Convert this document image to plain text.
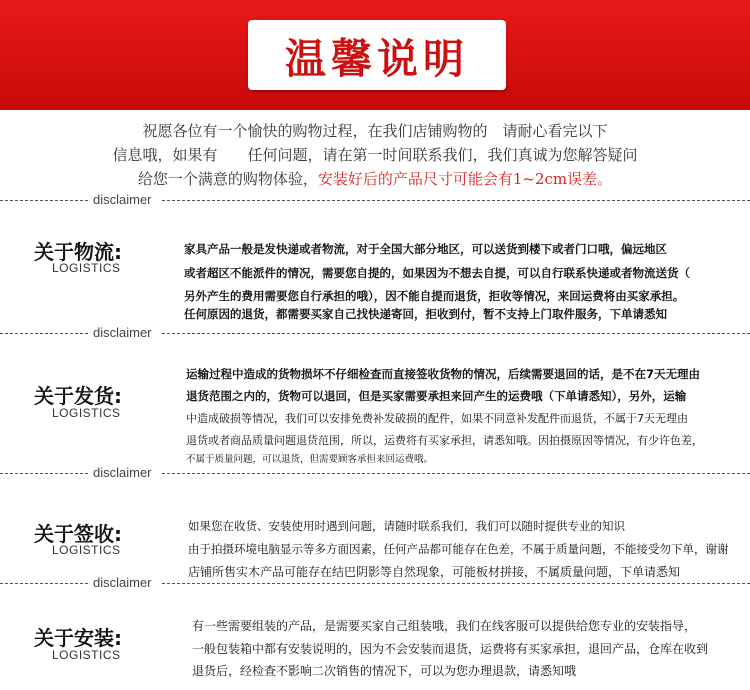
温馨说明
祝愿各位有一个愉快的购物过程，在我们店铺购物的　请耐心看完以下
信息哦，如果有　　任何问题，请在第一时间联系我们，我们真诚为您解答疑问
给您一个满意的购物体验，安装好后的产品尺寸可能会有1~2cm误差。
disclaimer
关于物流:
LOGISTICS
家具产品一般是发快递或者物流，对于全国大部分地区，可以送货到楼下或者门口哦，偏远地区
或者超区不能派件的情况，需要您自提的，如果因为不想去自提，可以自行联系快递或者物流送货（
另外产生的费用需要您自行承担的哦），因不能自提而退货，拒收等情况，来回运费将由买家承担。
任何原因的退货，都需要买家自己找快递寄回，拒收到付，暂不支持上门取件服务，下单请悉知
disclaimer
关于发货:
LOGISTICS
运输过程中造成的货物损坏不仔细检查而直接签收货物的情况，后续需要退回的话，是不在7天无理由
退货范围之内的，货物可以退回，但是买家需要承担来回产生的运费哦（下单请悉知），另外，运输
中造成破损等情况，我们可以安排免费补发破损的配件，如果不同意补发配件而退货，不属于7天无理由
退货或者商品质量问题退货范围，所以，运费将有买家承担，请悉知哦。因拍摄原因等情况，有少许色差，
不属于质量问题，可以退货，但需要顾客承担来回运费哦。
disclaimer
关于签收:
LOGISTICS
如果您在收货、安装使用时遇到问题，请随时联系我们，我们可以随时提供专业的知识
由于拍摄环境电脑显示等多方面因素，任何产品都可能存在色差，不属于质量问题，不能接受勿下单，谢谢
店铺所售实木产品可能存在结巴阴影等自然现象，可能板材拼接，不属质量问题，下单请悉知
disclaimer
关于安装:
LOGISTICS
有一些需要组装的产品，是需要买家自己组装哦，我们在线客服可以提供给您专业的安装指导，
一般包装箱中都有安装说明的，因为不会安装而退货，运费将有买家承担，退回产品，仓库在收到
退货后，经检查不影响二次销售的情况下，可以为您办理退款，请悉知哦
